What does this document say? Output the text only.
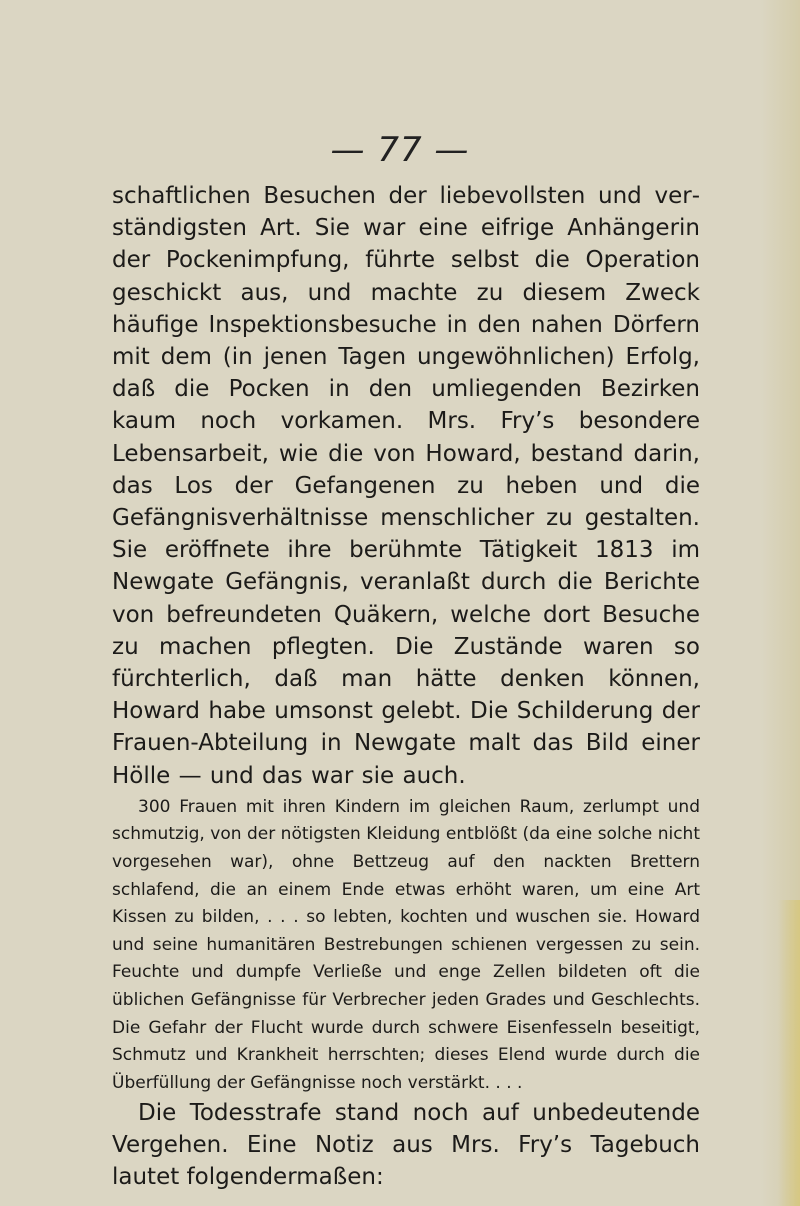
— 77 —

schaftlichen Besuchen der liebevollsten und verständigsten Art. Sie war eine eifrige Anhängerin der Pockenimpfung, führte selbst die Operation geschickt aus, und machte zu diesem Zweck häufige Inspektionsbesuche in den nahen Dörfern mit dem (in jenen Tagen ungewöhnlichen) Erfolg, daß die Pocken in den umliegenden Bezirken kaum noch vorkamen. Mrs. Fry’s besondere Lebensarbeit, wie die von Howard, bestand darin, das Los der Gefangenen zu heben und die Gefängnisverhältnisse menschlicher zu gestalten. Sie eröffnete ihre berühmte Tätigkeit 1813 im Newgate Gefängnis, veranlaßt durch die Berichte von befreundeten Quäkern, welche dort Besuche zu machen pflegten. Die Zustände waren so fürchterlich, daß man hätte denken können, Howard habe umsonst gelebt. Die Schilderung der Frauen-Abteilung in Newgate malt das Bild einer Hölle — und das war sie auch.

300 Frauen mit ihren Kindern im gleichen Raum, zerlumpt und schmutzig, von der nötigsten Kleidung entblößt (da eine solche nicht vorgesehen war), ohne Bettzeug auf den nackten Brettern schlafend, die an einem Ende etwas erhöht waren, um eine Art Kissen zu bilden, . . . so lebten, kochten und wuschen sie. Howard und seine humanitären Bestrebungen schienen vergessen zu sein. Feuchte und dumpfe Verließe und enge Zellen bildeten oft die üblichen Gefängnisse für Verbrecher jeden Grades und Geschlechts. Die Gefahr der Flucht wurde durch schwere Eisenfesseln beseitigt, Schmutz und Krankheit herrschten; dieses Elend wurde durch die Überfüllung der Gefängnisse noch verstärkt. . . .

Die Todesstrafe stand noch auf unbedeutende Vergehen. Eine Notiz aus Mrs. Fry’s Tagebuch lautet folgendermaßen:
